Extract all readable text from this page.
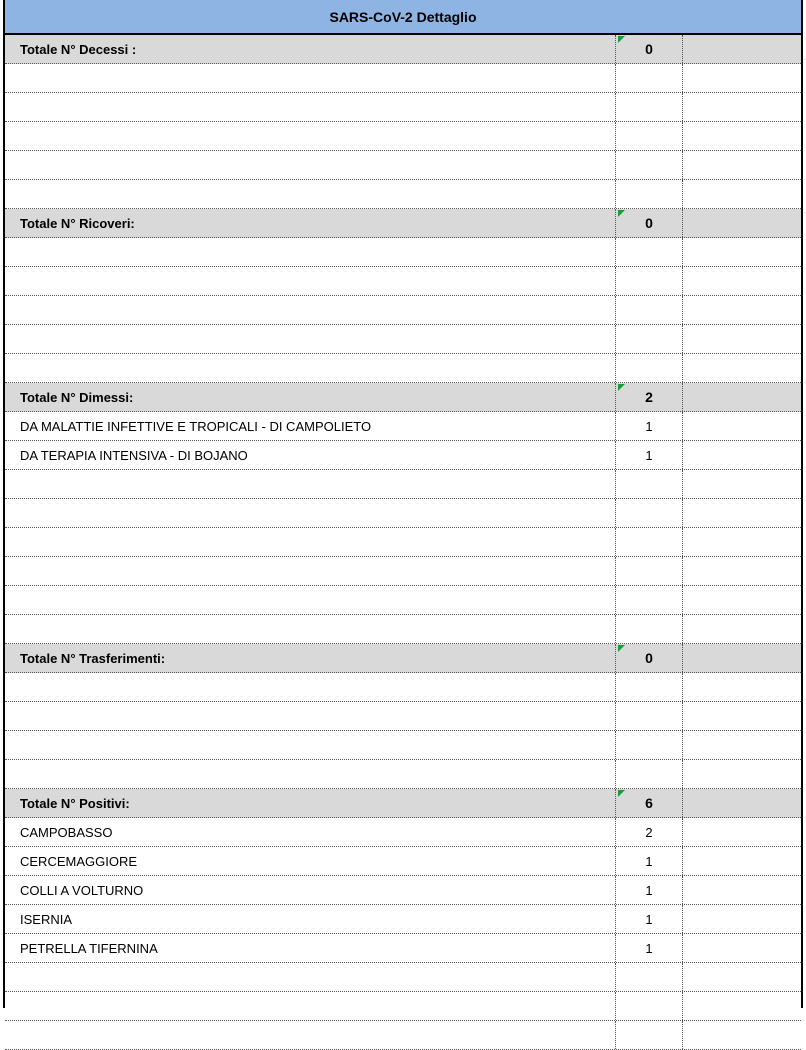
SARS-CoV-2 Dettaglio
Totale N° Decessi :	0
Totale N° Ricoveri:	0
Totale N° Dimessi:	2
DA MALATTIE INFETTIVE E TROPICALI - DI CAMPOLIETO	1
DA TERAPIA INTENSIVA - DI BOJANO	1
Totale N° Trasferimenti:	0
Totale N° Positivi:	6
CAMPOBASSO	2
CERCEMAGGIORE	1
COLLI A VOLTURNO	1
ISERNIA	1
PETRELLA TIFERNINA	1
